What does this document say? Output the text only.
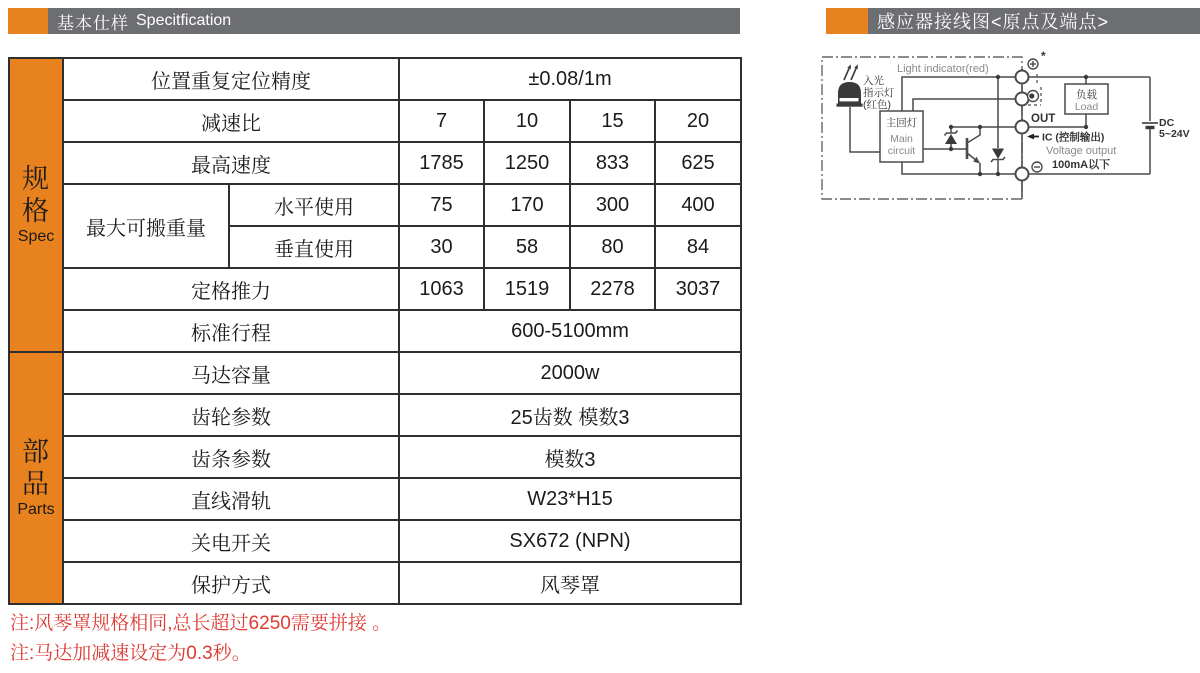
基本仕样 Specitfication	感应器接线图<原点及端点>
规
格
Spec	位置重复定位精度		±0.08/1m			
	减速比		7	10	15	20
	最高速度		1785	1250	833	625
	最大可搬重量	水平使用	75	170	300	400
		垂直使用	30	58	80	84
	定格推力		1063	1519	2278	3037
	标准行程		600-5100mm			

部
品
Parts	马达容量		2000w			
	齿轮参数		25齿数 模数3			
	齿条参数		模数3			
	直线滑轨		W23*H15			
	关电开关		SX672 (NPN)			
	保护方式		风琴罩			
注:风琴罩规格相同,总长超过6250需要拼接 。
注:马达加减速设定为0.3秒。
*
Light indicator(red)
入光
指示灯
(红色)
主回灯
Main
circuit
负载
Load
OUT
IC (控制输出)
Voltage output
100mA以下
DC
5~24V
